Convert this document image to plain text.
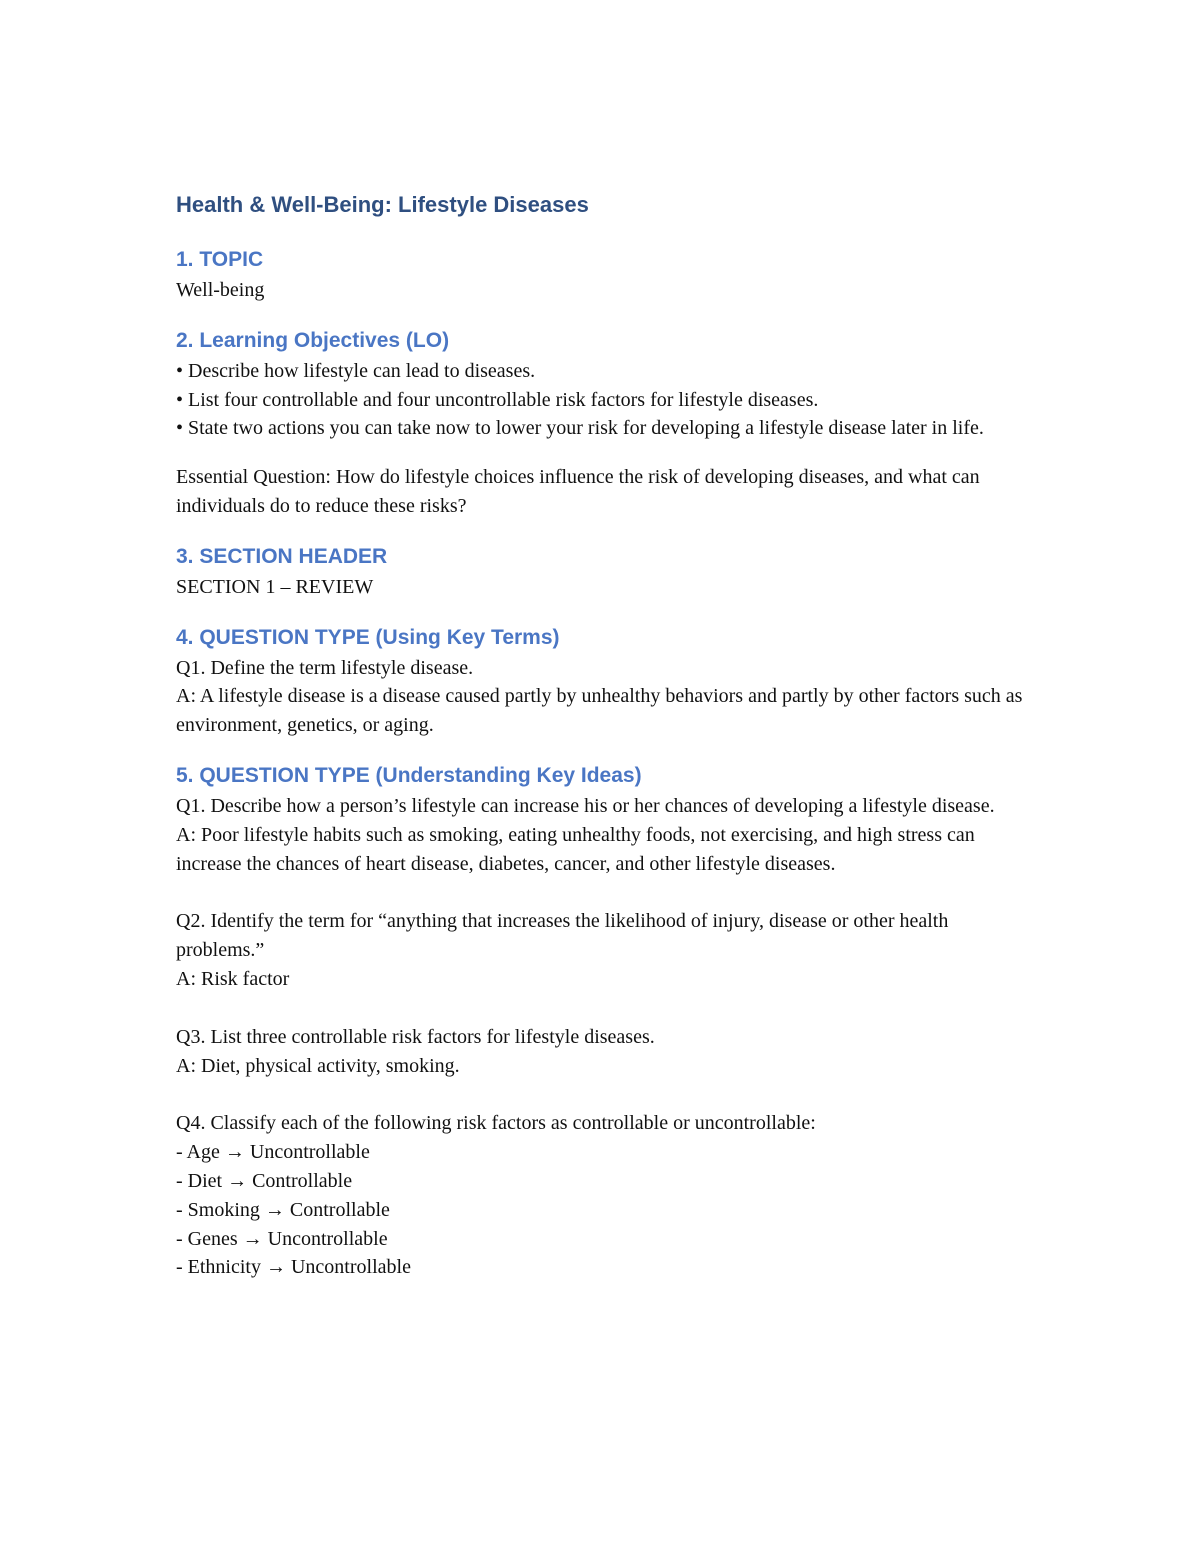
Health & Well-Being: Lifestyle Diseases
1. TOPIC

Well-being

2. Learning Objectives (LO)

• Describe how lifestyle can lead to diseases.

• List four controllable and four uncontrollable risk factors for lifestyle diseases.

• State two actions you can take now to lower your risk for developing a lifestyle disease later in life.

Essential Question: How do lifestyle choices influence the risk of developing diseases, and what can individuals do to reduce these risks?

3. SECTION HEADER

SECTION 1 – REVIEW

4. QUESTION TYPE (Using Key Terms)

Q1. Define the term lifestyle disease.

A: A lifestyle disease is a disease caused partly by unhealthy behaviors and partly by other factors such as environment, genetics, or aging.

5. QUESTION TYPE (Understanding Key Ideas)

Q1. Describe how a person’s lifestyle can increase his or her chances of developing a lifestyle disease.

A: Poor lifestyle habits such as smoking, eating unhealthy foods, not exercising, and high stress can increase the chances of heart disease, diabetes, cancer, and other lifestyle diseases.

Q2. Identify the term for “anything that increases the likelihood of injury, disease or other health problems.”

A: Risk factor

Q3. List three controllable risk factors for lifestyle diseases.

A: Diet, physical activity, smoking.

Q4. Classify each of the following risk factors as controllable or uncontrollable:

- Age → Uncontrollable

- Diet → Controllable

- Smoking → Controllable

- Genes → Uncontrollable

- Ethnicity → Uncontrollable
